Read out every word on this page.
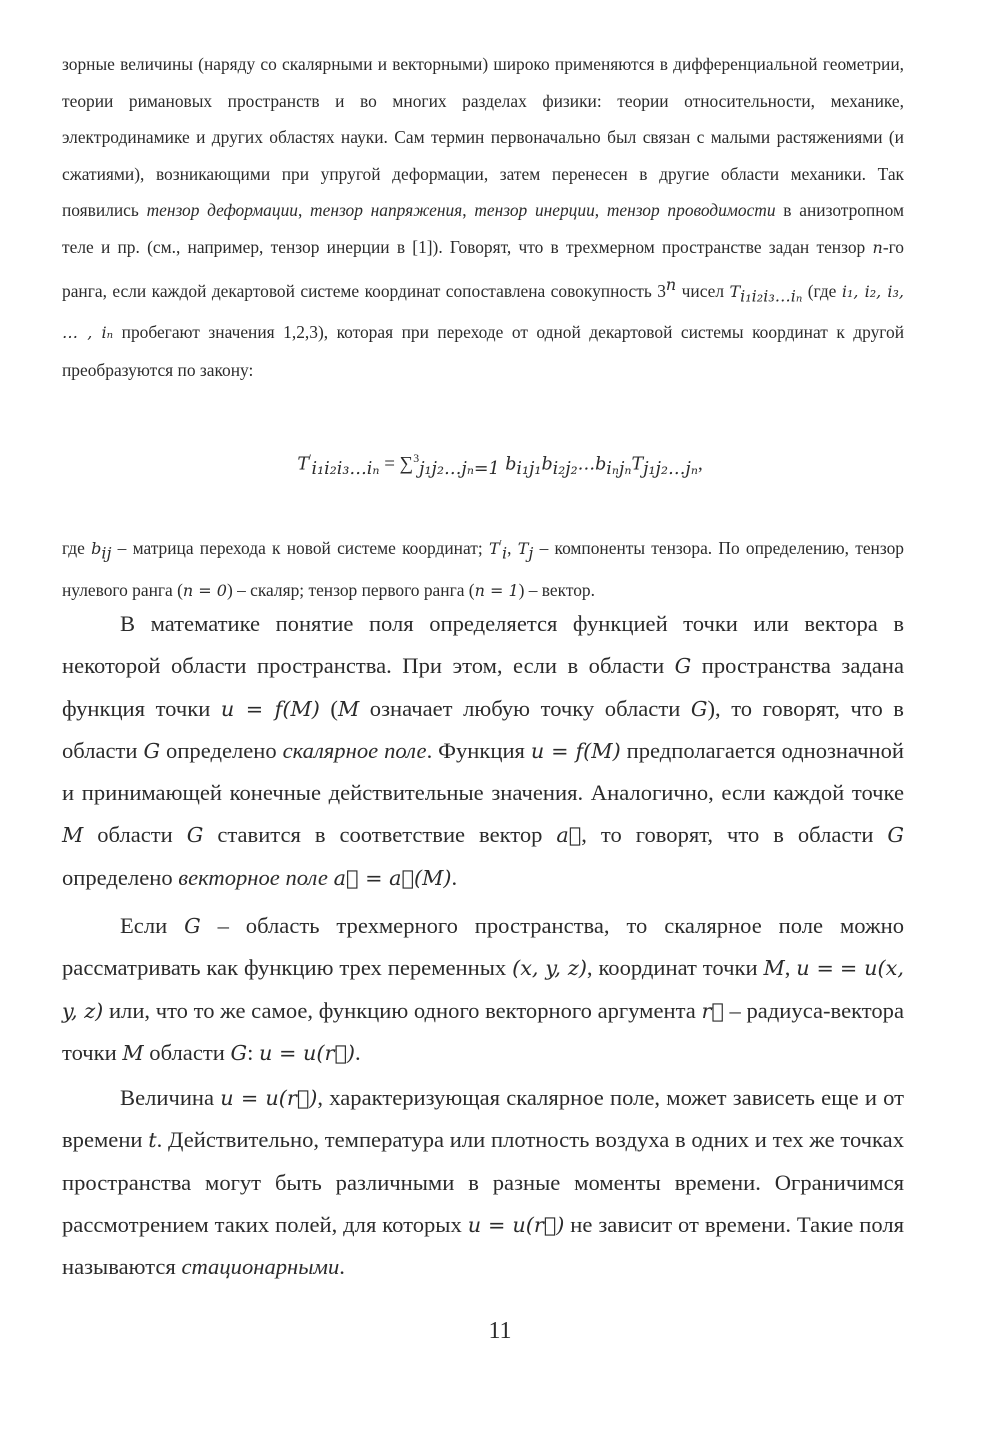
зорные величины (наряду со скалярными и векторными) широко применяются в дифференциальной геометрии, теории римановых пространств и во многих разделах физики: теории относительности, механике, электродинамике и других областях науки. Сам термин первоначально был связан с малыми растяжениями (и сжатиями), возникающими при упругой деформации, затем перенесен в другие области механики. Так появились тензор деформации, тензор напряжения, тензор инерции, тензор проводимости в анизотропном теле и пр. (см., например, тензор инерции в [1]). Говорят, что в трехмерном пространстве задан тензор n-го ранга, если каждой декартовой системе координат сопоставлена совокупность 3$^n$ чисел $T_{i_1i_2i_3\dots i_n}$ (где i₁, i₂, i₃, … , iₙ пробегают значения 1,2,3), которая при переходе от одной декартовой системы координат к другой преобразуются по закону:

$T'_{i_1i_2i_3\dots i_n} = \sum^3_{j_1j_2\dots j_n=1}$ $b_{i_1j_1}b_{i_2j_2}\dots b_{i_nj_n}T_{j_1j_2\dots j_n}$,

где $b_{ij}$ – матрица перехода к новой системе координат; $T'_i$, $T_j$ – компоненты тензора. По определению, тензор нулевого ранга (n = 0) – скаляр; тензор первого ранга (n = 1) – вектор.

В математике понятие поля определяется функцией точки или вектора в некоторой области пространства. При этом, если в области G пространства задана функция точки u = f(M) (M означает любую точку области G), то говорят, что в области G определено скалярное поле. Функция u = f(M) предполагается однозначной и принимающей конечные действительные значения. Аналогично, если каждой точке M области G ставится в соответствие вектор a⃗, то говорят, что в области G определено векторное поле a⃗ = a⃗(M).

Если G – область трехмерного пространства, то скалярное поле можно рассматривать как функцию трех переменных (x, y, z), координат точки M, u = = u(x, y, z) или, что то же самое, функцию одного векторного аргумента r⃗ – радиуса-вектора точки M области G: u = u(r⃗).

Величина u = u(r⃗), характеризующая скалярное поле, может зависеть еще и от времени t. Действительно, температура или плотность воздуха в одних и тех же точках пространства могут быть различными в разные моменты времени. Ограничимся рассмотрением таких полей, для которых u = u(r⃗) не зависит от времени. Такие поля называются стационарными.

11
